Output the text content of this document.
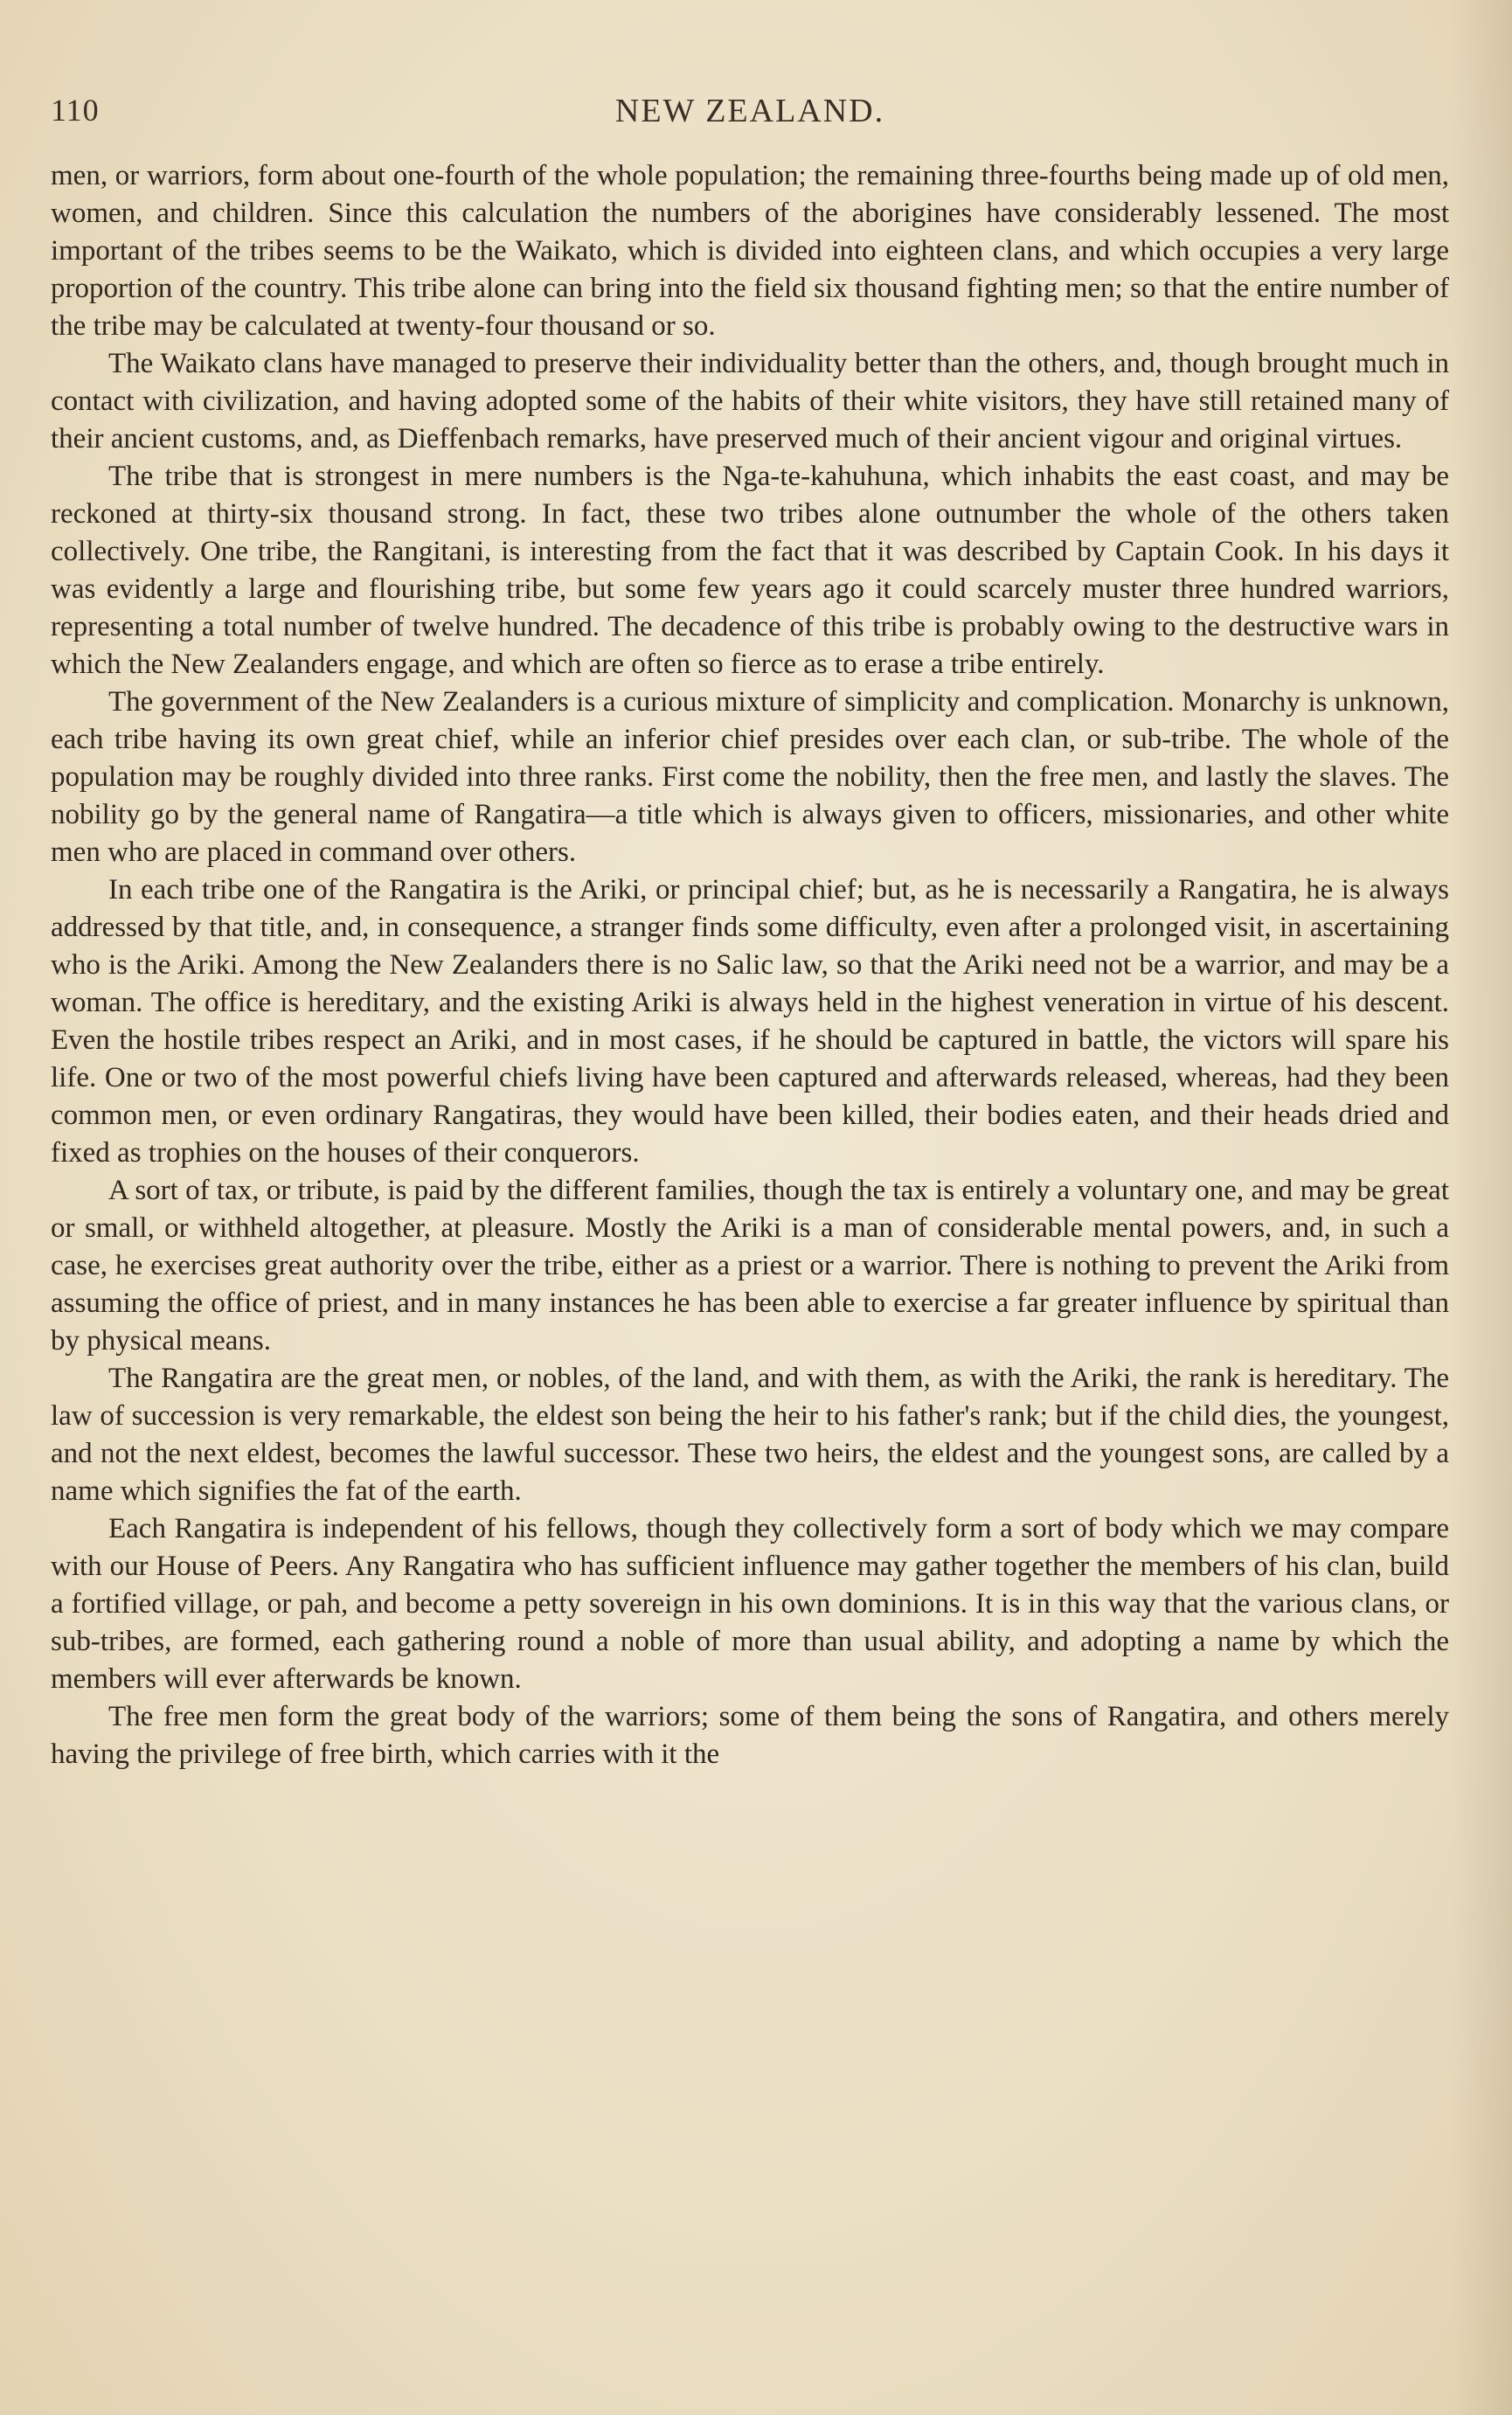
110	NEW ZEALAND.

men, or warriors, form about one-fourth of the whole population; the remaining three-fourths being made up of old men, women, and children. Since this calculation the numbers of the aborigines have considerably lessened. The most important of the tribes seems to be the Waikato, which is divided into eighteen clans, and which occupies a very large proportion of the country. This tribe alone can bring into the field six thousand fighting men; so that the entire number of the tribe may be calculated at twenty-four thousand or so.

The Waikato clans have managed to preserve their individuality better than the others, and, though brought much in contact with civilization, and having adopted some of the habits of their white visitors, they have still retained many of their ancient customs, and, as Dieffenbach remarks, have preserved much of their ancient vigour and original virtues.

The tribe that is strongest in mere numbers is the Nga-te-kahuhuna, which inhabits the east coast, and may be reckoned at thirty-six thousand strong. In fact, these two tribes alone outnumber the whole of the others taken collectively. One tribe, the Rangitani, is interesting from the fact that it was described by Captain Cook. In his days it was evidently a large and flourishing tribe, but some few years ago it could scarcely muster three hundred warriors, representing a total number of twelve hundred. The decadence of this tribe is probably owing to the destructive wars in which the New Zealanders engage, and which are often so fierce as to erase a tribe entirely.

The government of the New Zealanders is a curious mixture of simplicity and complication. Monarchy is unknown, each tribe having its own great chief, while an inferior chief presides over each clan, or sub-tribe. The whole of the population may be roughly divided into three ranks. First come the nobility, then the free men, and lastly the slaves. The nobility go by the general name of Rangatira—a title which is always given to officers, missionaries, and other white men who are placed in command over others.

In each tribe one of the Rangatira is the Ariki, or principal chief; but, as he is necessarily a Rangatira, he is always addressed by that title, and, in consequence, a stranger finds some difficulty, even after a prolonged visit, in ascertaining who is the Ariki. Among the New Zealanders there is no Salic law, so that the Ariki need not be a warrior, and may be a woman. The office is hereditary, and the existing Ariki is always held in the highest veneration in virtue of his descent. Even the hostile tribes respect an Ariki, and in most cases, if he should be captured in battle, the victors will spare his life. One or two of the most powerful chiefs living have been captured and afterwards released, whereas, had they been common men, or even ordinary Rangatiras, they would have been killed, their bodies eaten, and their heads dried and fixed as trophies on the houses of their conquerors.

A sort of tax, or tribute, is paid by the different families, though the tax is entirely a voluntary one, and may be great or small, or withheld altogether, at pleasure. Mostly the Ariki is a man of considerable mental powers, and, in such a case, he exercises great authority over the tribe, either as a priest or a warrior. There is nothing to prevent the Ariki from assuming the office of priest, and in many instances he has been able to exercise a far greater influence by spiritual than by physical means.

The Rangatira are the great men, or nobles, of the land, and with them, as with the Ariki, the rank is hereditary. The law of succession is very remarkable, the eldest son being the heir to his father's rank; but if the child dies, the youngest, and not the next eldest, becomes the lawful successor. These two heirs, the eldest and the youngest sons, are called by a name which signifies the fat of the earth.

Each Rangatira is independent of his fellows, though they collectively form a sort of body which we may compare with our House of Peers. Any Rangatira who has sufficient influence may gather together the members of his clan, build a fortified village, or pah, and become a petty sovereign in his own dominions. It is in this way that the various clans, or sub-tribes, are formed, each gathering round a noble of more than usual ability, and adopting a name by which the members will ever afterwards be known.

The free men form the great body of the warriors; some of them being the sons of Rangatira, and others merely having the privilege of free birth, which carries with it the
